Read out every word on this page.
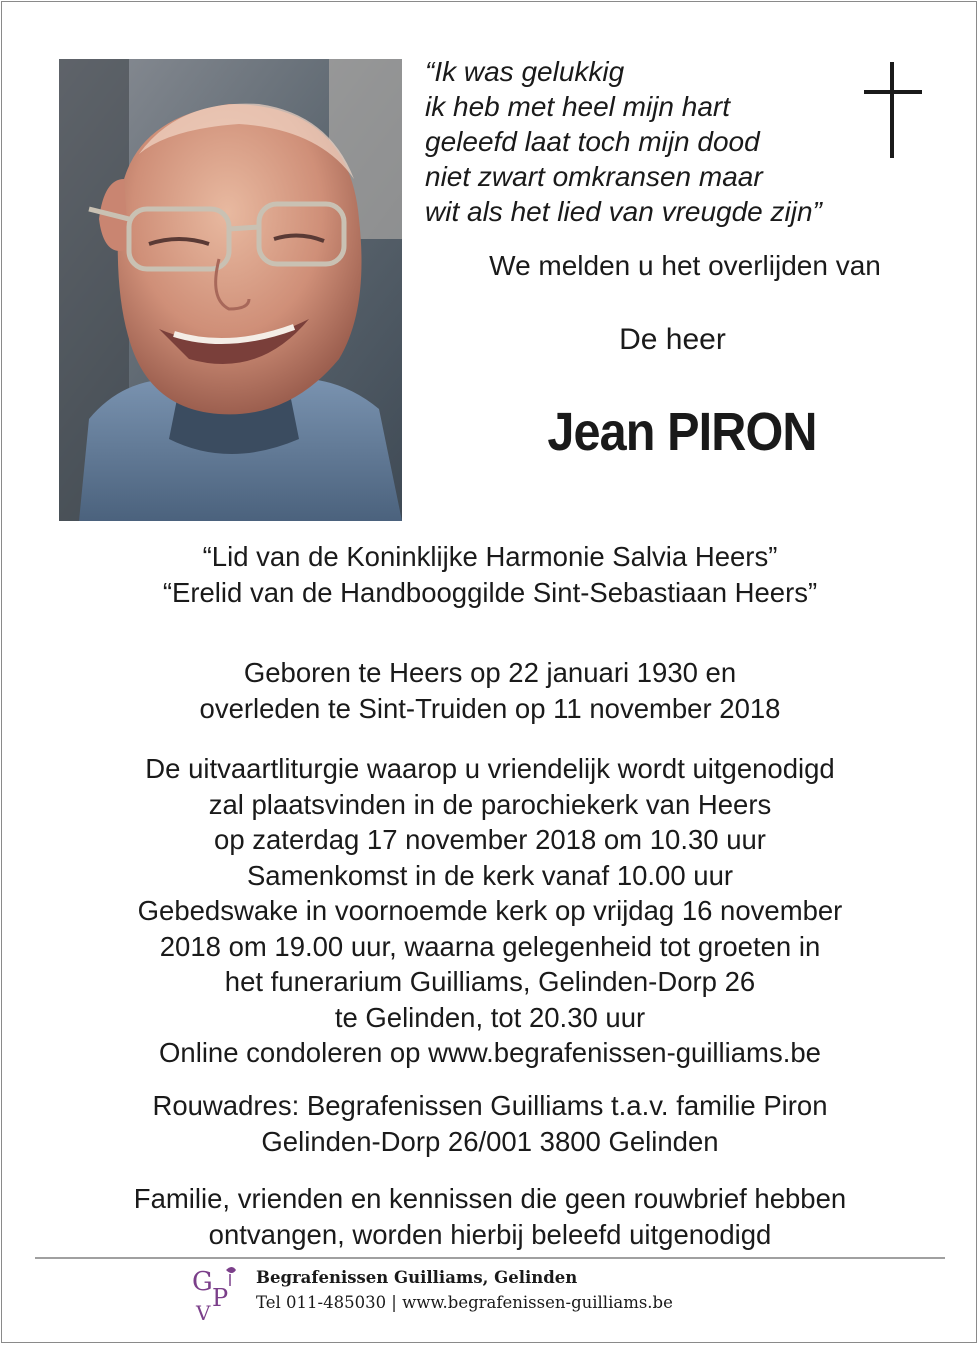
“Ik was gelukkig
ik heb met heel mijn hart
geleefd laat toch mijn dood
niet zwart omkransen maar
wit als het lied van vreugde zijn”
We melden u het overlijden van
De heer
Jean PIRON
“Lid van de Koninklijke Harmonie Salvia Heers”
“Erelid van de Handbooggilde Sint-Sebastiaan Heers”
Geboren te Heers op 22 januari 1930 en
overleden te Sint-Truiden op 11 november 2018
De uitvaartliturgie waarop u vriendelijk wordt uitgenodigd
zal plaatsvinden in de parochiekerk van Heers
op zaterdag 17 november 2018 om 10.30 uur
Samenkomst in de kerk vanaf 10.00 uur
Gebedswake in voornoemde kerk op vrijdag 16 november
2018 om 19.00 uur, waarna gelegenheid tot groeten in
het funerarium Guilliams, Gelinden-Dorp 26
te Gelinden, tot 20.30 uur
Online condoleren op www.begrafenissen-guilliams.be
Rouwadres: Begrafenissen Guilliams t.a.v. familie Piron
Gelinden-Dorp 26/001 3800 Gelinden
Familie, vrienden en kennissen die geen rouwbrief hebben
ontvangen, worden hierbij beleefd uitgenodigd
G
P
V
Begrafenissen Guilliams, Gelinden
Tel 011-485030 | www.begrafenissen-guilliams.be
